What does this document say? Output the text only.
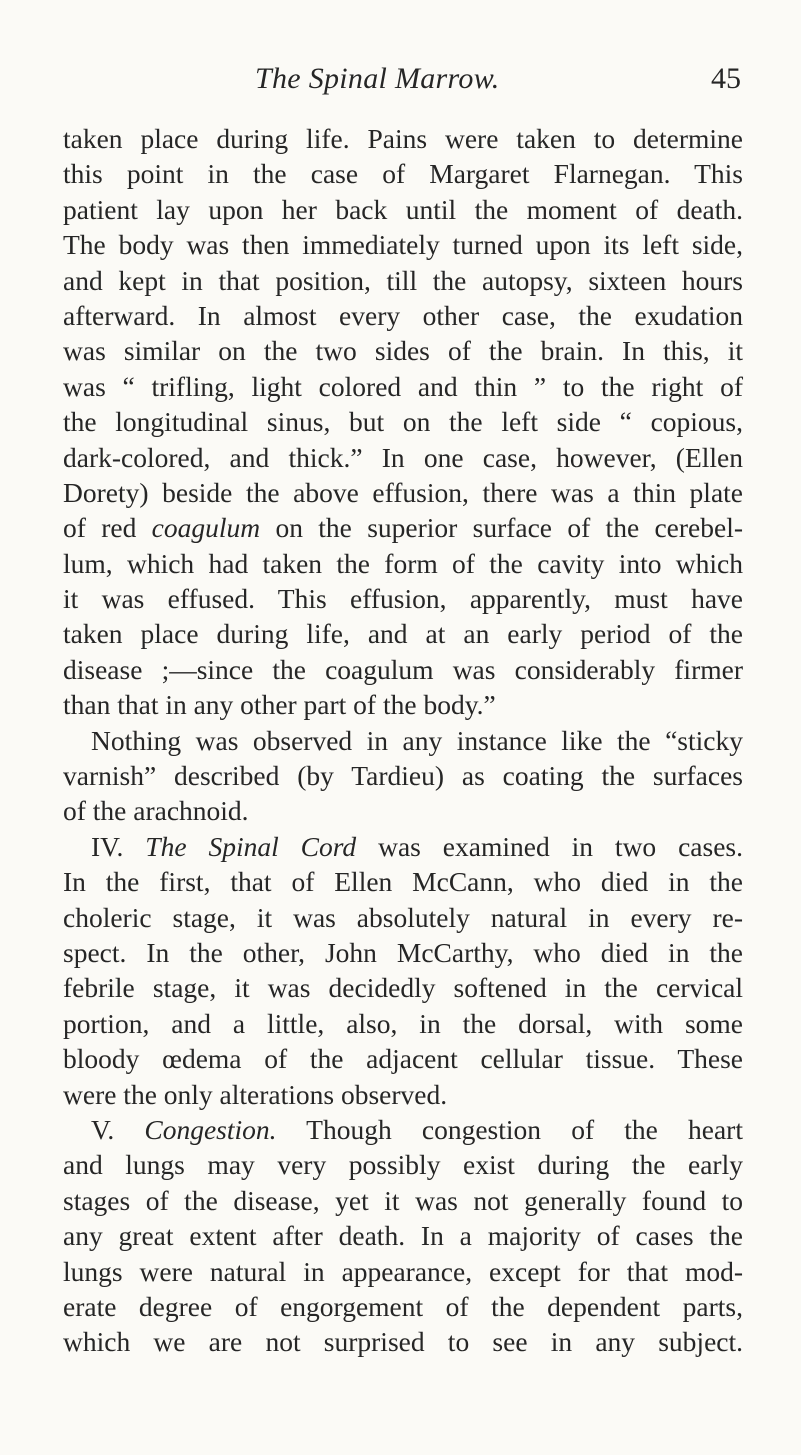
The Spinal Marrow.	45
taken place during life. Pains were taken to determine
this point in the case of Margaret Flarnegan. This
patient lay upon her back until the moment of death.
The body was then immediately turned upon its left side,
and kept in that position, till the autopsy, sixteen hours
afterward. In almost every other case, the exudation
was similar on the two sides of the brain. In this, it
was “ trifling, light colored and thin ” to the right of
the longitudinal sinus, but on the left side “ copious,
dark-colored, and thick.” In one case, however, (Ellen
Dorety) beside the above effusion, there was a thin plate
of red coagulum on the superior surface of the cerebel-
lum, which had taken the form of the cavity into which
it was effused. This effusion, apparently, must have
taken place during life, and at an early period of the
disease ;—since the coagulum was considerably firmer
than that in any other part of the body.”
Nothing was observed in any instance like the “sticky
varnish” described (by Tardieu) as coating the surfaces
of the arachnoid.
IV. The Spinal Cord was examined in two cases.
In the first, that of Ellen McCann, who died in the
choleric stage, it was absolutely natural in every re-
spect. In the other, John McCarthy, who died in the
febrile stage, it was decidedly softened in the cervical
portion, and a little, also, in the dorsal, with some
bloody œdema of the adjacent cellular tissue. These
were the only alterations observed.
V. Congestion. Though congestion of the heart
and lungs may very possibly exist during the early
stages of the disease, yet it was not generally found to
any great extent after death. In a majority of cases the
lungs were natural in appearance, except for that mod-
erate degree of engorgement of the dependent parts,
which we are not surprised to see in any subject.
